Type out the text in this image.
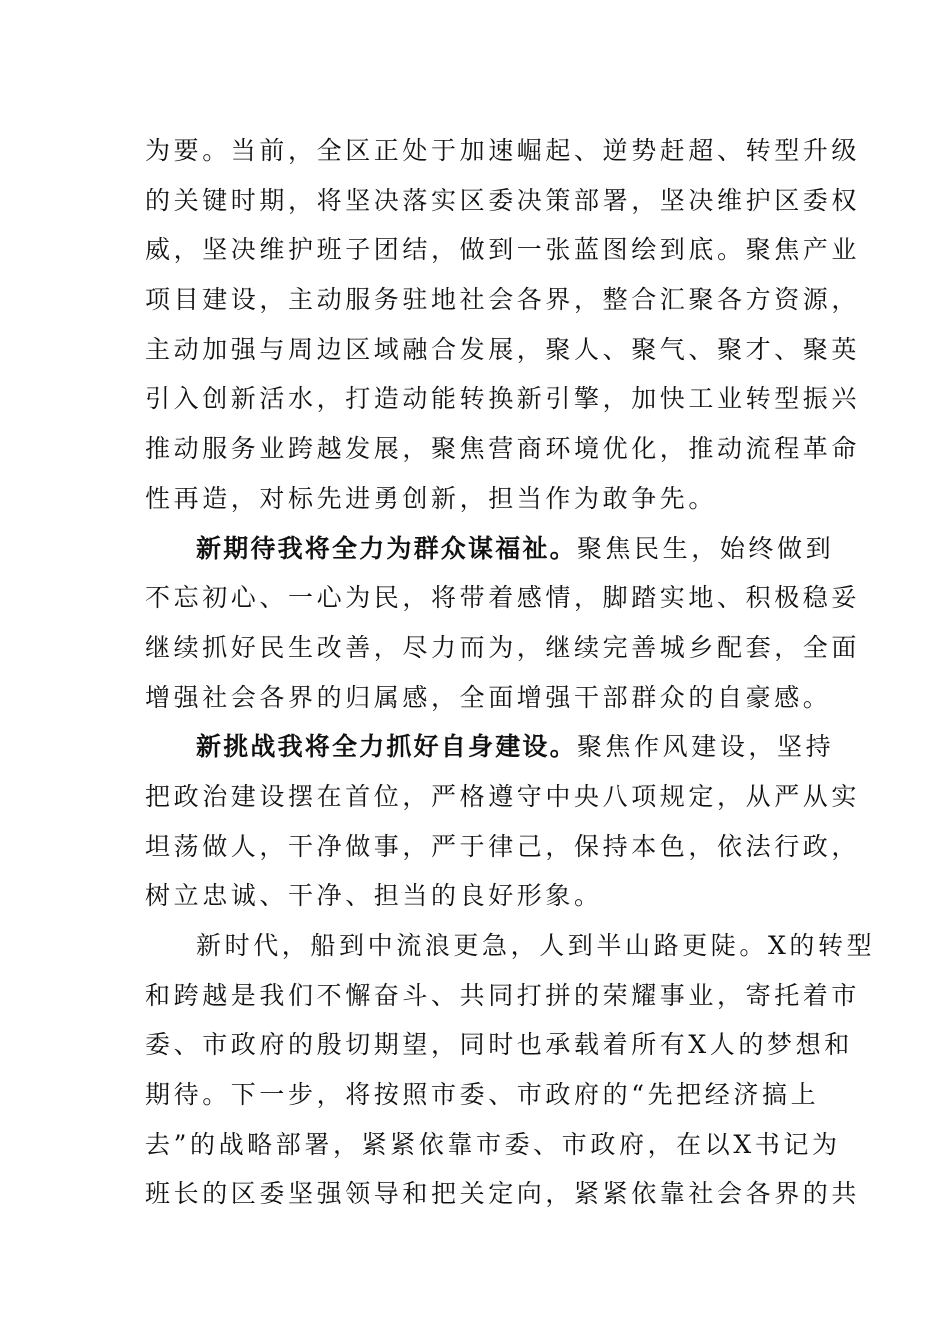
为要。当前，全区正处于加速崛起、逆势赶超、转型升级
的关键时期，将坚决落实区委决策部署，坚决维护区委权
威，坚决维护班子团结，做到一张蓝图绘到底。聚焦产业
项目建设，主动服务驻地社会各界，整合汇聚各方资源，
主动加强与周边区域融合发展，聚人、聚气、聚才、聚英
引入创新活水，打造动能转换新引擎，加快工业转型振兴
推动服务业跨越发展，聚焦营商环境优化，推动流程革命
性再造，对标先进勇创新，担当作为敢争先。
新期待我将全力为群众谋福祉。聚焦民生，始终做到
不忘初心、一心为民，将带着感情，脚踏实地、积极稳妥
继续抓好民生改善，尽力而为，继续完善城乡配套，全面
增强社会各界的归属感，全面增强干部群众的自豪感。
新挑战我将全力抓好自身建设。聚焦作风建设，坚持
把政治建设摆在首位，严格遵守中央八项规定，从严从实
坦荡做人，干净做事，严于律己，保持本色，依法行政，
树立忠诚、干净、担当的良好形象。
新时代，船到中流浪更急，人到半山路更陡。X的转型
和跨越是我们不懈奋斗、共同打拼的荣耀事业，寄托着市
委、市政府的殷切期望，同时也承载着所有X人的梦想和
期待。下一步，将按照市委、市政府的“先把经济搞上
去”的战略部署，紧紧依靠市委、市政府，在以X书记为
班长的区委坚强领导和把关定向，紧紧依靠社会各界的共
